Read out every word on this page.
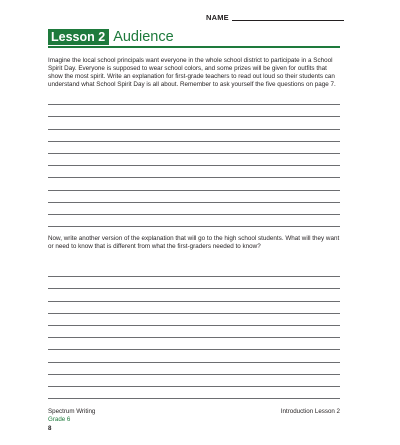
NAME
Lesson 2 Audience

Imagine the local school principals want everyone in the whole school district to participate in a School Spirit Day. Everyone is supposed to wear school colors, and some prizes will be given for outfits that show the most spirit. Write an explanation for first-grade teachers to read out loud so their students can understand what School Spirit Day is all about. Remember to ask yourself the five questions on page 7.

Now, write another version of the explanation that will go to the high school students. What will they want or need to know that is different from what the first-graders needed to know?

Spectrum Writing
Grade 6
8
Introduction Lesson 2
